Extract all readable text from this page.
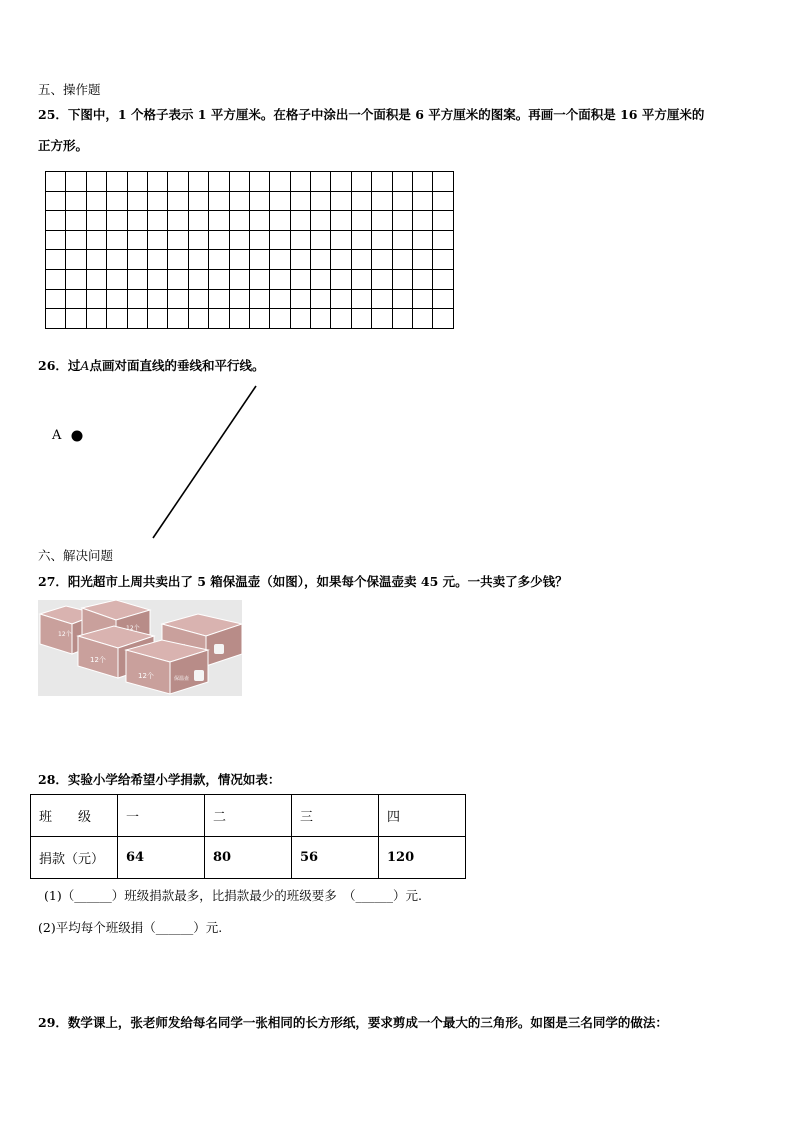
五、操作题
25．下图中，1 个格子表示 1 平方厘米。在格子中涂出一个面积是 6 平方厘米的图案。再画一个面积是 16 平方厘米的
正方形。

26．过A点画对面直线的垂线和平行线。
A
六、解决问题
27．阳光超市上周共卖出了 5 箱保温壶（如图），如果每个保温壶卖 45 元。一共卖了多少钱？
12个
12个	保温壶
12个
12个
28．实验小学给希望小学捐款，情况如表：
班　　级	一	二	三	四
捐款（元）	64	80	56	120
(1)（______）班级捐款最多，比捐款最少的班级要多　（______）元.
(2)平均每个班级捐（______）元.
29．数学课上，张老师发给每名同学一张相同的长方形纸，要求剪成一个最大的三角形。如图是三名同学的做法：
